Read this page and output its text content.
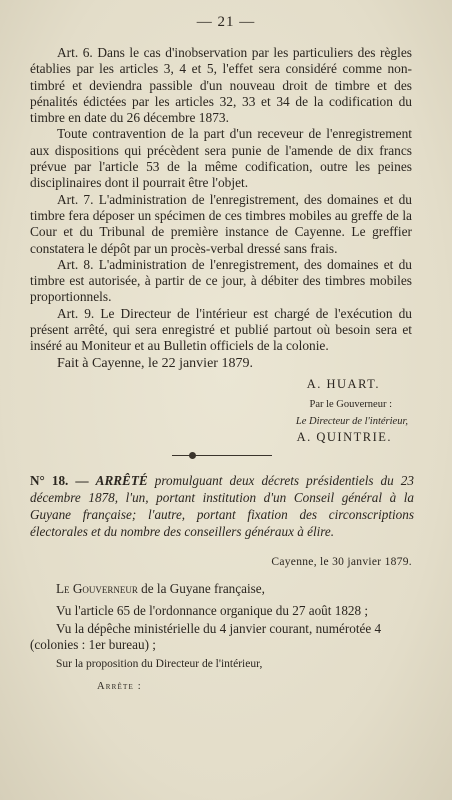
— 21 —

Art. 6. Dans le cas d'inobservation par les particuliers des règles établies par les articles 3, 4 et 5, l'effet sera considéré comme non-timbré et deviendra passible d'un nouveau droit de timbre et des pénalités édictées par les articles 32, 33 et 34 de la codification du timbre en date du 26 décembre 1873.

Toute contravention de la part d'un receveur de l'enregistrement aux dispositions qui précèdent sera punie de l'amende de dix francs prévue par l'article 53 de la même codification, outre les peines disciplinaires dont il pourrait être l'objet.

Art. 7. L'administration de l'enregistrement, des domaines et du timbre fera déposer un spécimen de ces timbres mobiles au greffe de la Cour et du Tribunal de première instance de Cayenne. Le greffier constatera le dépôt par un procès-verbal dressé sans frais.

Art. 8. L'administration de l'enregistrement, des domaines et du timbre est autorisée, à partir de ce jour, à débiter des timbres mobiles proportionnels.

Art. 9. Le Directeur de l'intérieur est chargé de l'exécution du présent arrêté, qui sera enregistré et publié partout où besoin sera et inséré au Moniteur et au Bulletin officiels de la colonie.

Fait à Cayenne, le 22 janvier 1879.

A. HUART.
Par le Gouverneur :
Le Directeur de l'intérieur,
A. QUINTRIE.
N° 18. — ARRÊTÉ promulguant deux décrets présidentiels du 23 décembre 1878, l'un, portant institution d'un Conseil général à la Guyane française; l'autre, portant fixation des circonscriptions électorales et du nombre des conseillers généraux à élire.
Cayenne, le 30 janvier 1879.
Le Gouverneur de la Guyane française,
Vu l'article 65 de l'ordonnance organique du 27 août 1828 ;
Vu la dépêche ministérielle du 4 janvier courant, numérotée 4
(colonies : 1er bureau) ;
Sur la proposition du Directeur de l'intérieur,
Arrête :
